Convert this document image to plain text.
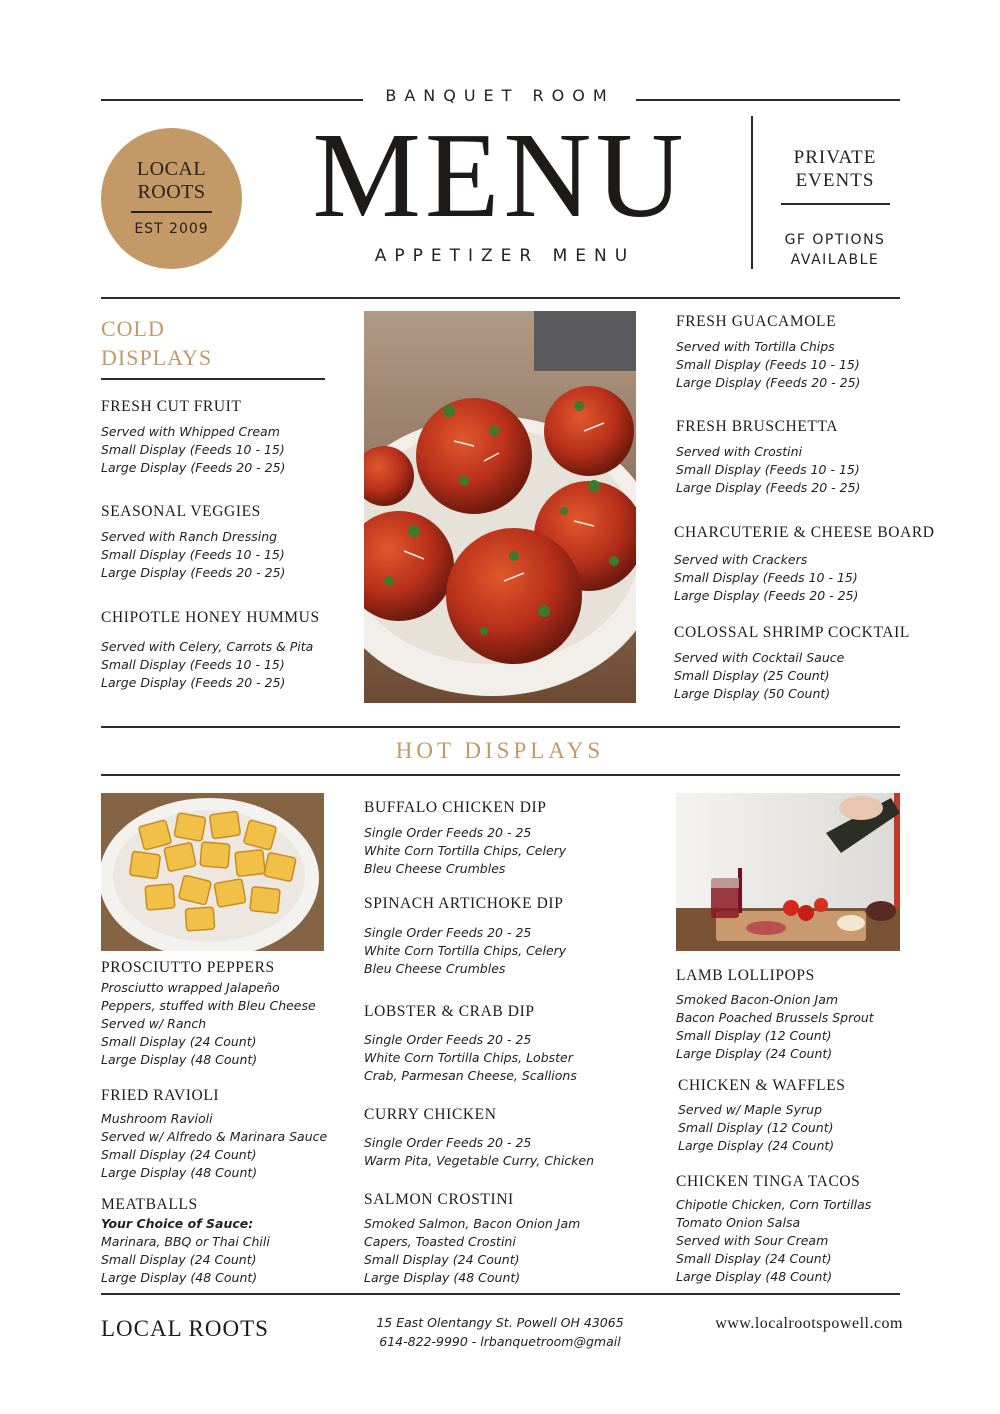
BANQUET ROOM
LOCAL
ROOTS
EST 2009 MENU
APPETIZER MENU
PRIVATE
EVENTS
GF OPTIONS
AVAILABLE
COLD
DISPLAYS
FRESH CUT FRUIT
Served with Whipped Cream
Small Display (Feeds 10 - 15)
Large Display (Feeds 20 - 25)
SEASONAL VEGGIES
Served with Ranch Dressing
Small Display (Feeds 10 - 15)
Large Display (Feeds 20 - 25)
CHIPOTLE HONEY HUMMUS
Served with Celery, Carrots & Pita
Small Display (Feeds 10 - 15)
Large Display (Feeds 20 - 25)
FRESH GUACAMOLE
Served with Tortilla Chips
Small Display (Feeds 10 - 15)
Large Display (Feeds 20 - 25)
FRESH BRUSCHETTA
Served with Crostini
Small Display (Feeds 10 - 15)
Large Display (Feeds 20 - 25)
CHARCUTERIE & CHEESE BOARD
Served with Crackers
Small Display (Feeds 10 - 15)
Large Display (Feeds 20 - 25)
COLOSSAL SHRIMP COCKTAIL
Served with Cocktail Sauce
Small Display (25 Count)
Large Display (50 Count)
HOT DISPLAYS
PROSCIUTTO PEPPERS
Prosciutto wrapped Jalapeño
Peppers, stuffed with Bleu Cheese
Served w/ Ranch
Small Display (24 Count)
Large Display (48 Count)
FRIED RAVIOLI
Mushroom Ravioli
Served w/ Alfredo & Marinara Sauce
Small Display (24 Count)
Large Display (48 Count)
MEATBALLS
Your Choice of Sauce:
Marinara, BBQ or Thai Chili
Small Display (24 Count)
Large Display (48 Count)
BUFFALO CHICKEN DIP
Single Order Feeds 20 - 25
White Corn Tortilla Chips, Celery
Bleu Cheese Crumbles
SPINACH ARTICHOKE DIP
Single Order Feeds 20 - 25
White Corn Tortilla Chips, Celery
Bleu Cheese Crumbles
LOBSTER & CRAB DIP
Single Order Feeds 20 - 25
White Corn Tortilla Chips, Lobster
Crab, Parmesan Cheese, Scallions
CURRY CHICKEN
Single Order Feeds 20 - 25
Warm Pita, Vegetable Curry, Chicken
SALMON CROSTINI
Smoked Salmon, Bacon Onion Jam
Capers, Toasted Crostini
Small Display (24 Count)
Large Display (48 Count)
LAMB LOLLIPOPS
Smoked Bacon-Onion Jam
Bacon Poached Brussels Sprout
Small Display (12 Count)
Large Display (24 Count)
CHICKEN & WAFFLES
Served w/ Maple Syrup
Small Display (12 Count)
Large Display (24 Count)
CHICKEN TINGA TACOS
Chipotle Chicken, Corn Tortillas
Tomato Onion Salsa
Served with Sour Cream
Small Display (24 Count)
Large Display (48 Count)
LOCAL ROOTS	15 East Olentangy St. Powell OH 43065
614-822-9990 - lrbanquetroom@gmail
www.localrootspowell.com
